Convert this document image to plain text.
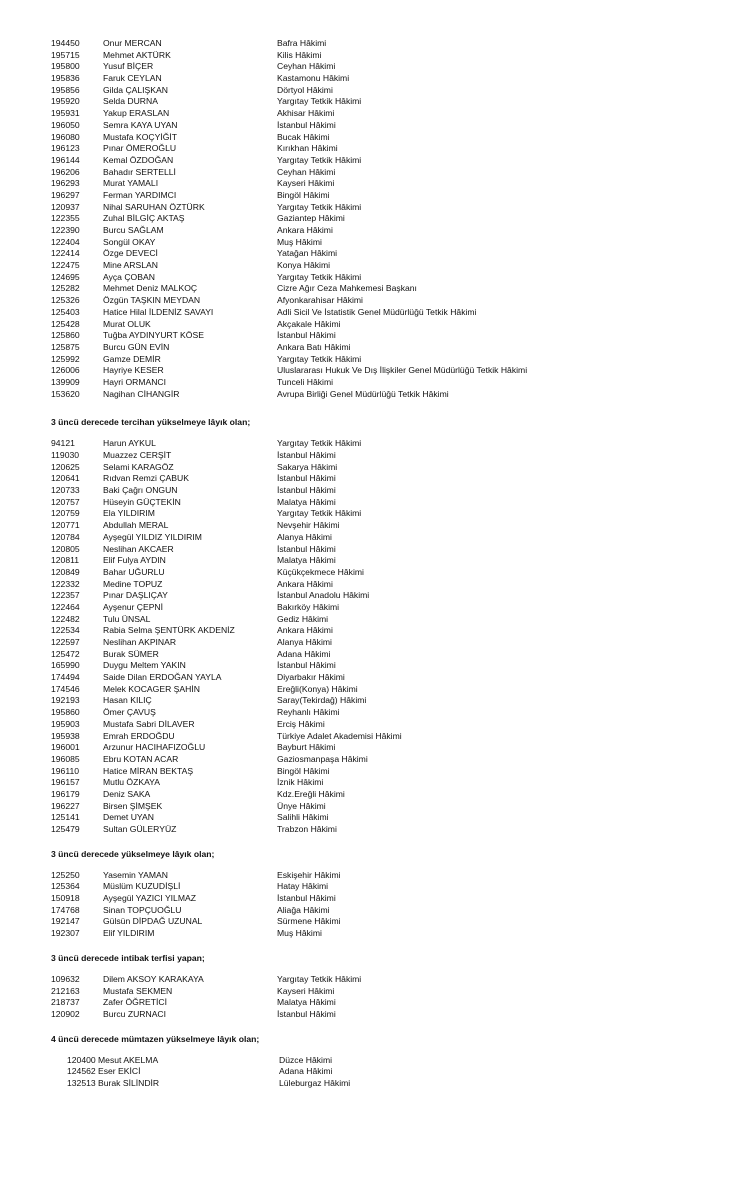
194450	Onur MERCAN	Bafra Hâkimi
195715	Mehmet AKTÜRK	Kilis Hâkimi
195800	Yusuf BİÇER	Ceyhan Hâkimi
195836	Faruk CEYLAN	Kastamonu Hâkimi
195856	Gilda ÇALIŞKAN	Dörtyol Hâkimi
195920	Selda DURNA	Yargıtay Tetkik Hâkimi
195931	Yakup ERASLAN	Akhisar Hâkimi
196050	Semra KAYA UYAN	İstanbul Hâkimi
196080	Mustafa KOÇYİĞİT	Bucak Hâkimi
196123	Pınar ÖMEROĞLU	Kırıkhan Hâkimi
196144	Kemal ÖZDOĞAN	Yargıtay Tetkik Hâkimi
196206	Bahadır SERTELLİ	Ceyhan Hâkimi
196293	Murat YAMALI	Kayseri Hâkimi
196297	Ferman YARDIMCI	Bingöl Hâkimi
120937	Nihal SARUHAN ÖZTÜRK	Yargıtay Tetkik Hâkimi
122355	Zuhal BİLGİÇ AKTAŞ	Gaziantep Hâkimi
122390	Burcu SAĞLAM	Ankara Hâkimi
122404	Songül OKAY	Muş Hâkimi
122414	Özge DEVECİ	Yatağan Hâkimi
122475	Mine ARSLAN	Konya Hâkimi
124695	Ayça ÇOBAN	Yargıtay Tetkik Hâkimi
125282	Mehmet Deniz MALKOÇ	Cizre Ağır Ceza Mahkemesi Başkanı
125326	Özgün TAŞKIN MEYDAN	Afyonkarahisar Hâkimi
125403	Hatice Hilal İLDENİZ SAVAYI	Adli Sicil Ve İstatistik Genel Müdürlüğü Tetkik Hâkimi
125428	Murat OLUK	Akçakale Hâkimi
125860	Tuğba AYDINYURT KÖSE	İstanbul Hâkimi
125875	Burcu GÜN EVİN	Ankara Batı Hâkimi
125992	Gamze DEMİR	Yargıtay Tetkik Hâkimi
126006	Hayriye KESER	Uluslararası Hukuk Ve Dış İlişkiler Genel Müdürlüğü Tetkik Hâkimi
139909	Hayri ORMANCI	Tunceli Hâkimi
153620	Nagihan CİHANGİR	Avrupa Birliği Genel Müdürlüğü Tetkik Hâkimi
3 üncü derecede tercihan yükselmeye lâyık olan;
94121	Harun AYKUL	Yargıtay Tetkik Hâkimi
119030	Muazzez CERŞİT	İstanbul Hâkimi
120625	Selami KARAGÖZ	Sakarya Hâkimi
120641	Rıdvan Remzi ÇABUK	İstanbul Hâkimi
120733	Baki Çağrı ONGUN	İstanbul Hâkimi
120757	Hüseyin GÜÇTEKİN	Malatya Hâkimi
120759	Ela YILDIRIM	Yargıtay Tetkik Hâkimi
120771	Abdullah MERAL	Nevşehir Hâkimi
120784	Ayşegül YILDIZ YILDIRIM	Alanya Hâkimi
120805	Neslihan AKCAER	İstanbul Hâkimi
120811	Elif Fulya AYDIN	Malatya Hâkimi
120849	Bahar UĞURLU	Küçükçekmece Hâkimi
122332	Medine TOPUZ	Ankara Hâkimi
122357	Pınar DAŞLIÇAY	İstanbul Anadolu Hâkimi
122464	Ayşenur ÇEPNİ	Bakırköy Hâkimi
122482	Tulu ÜNSAL	Gediz Hâkimi
122534	Rabia Selma ŞENTÜRK AKDENİZ	Ankara Hâkimi
122597	Neslihan AKPINAR	Alanya Hâkimi
125472	Burak SÜMER	Adana Hâkimi
165990	Duygu Meltem YAKIN	İstanbul Hâkimi
174494	Saide Dilan ERDOĞAN YAYLA	Diyarbakır Hâkimi
174546	Melek KOCAGER ŞAHİN	Ereğli(Konya) Hâkimi
192193	Hasan KILIÇ	Saray(Tekirdağ) Hâkimi
195860	Ömer ÇAVUŞ	Reyhanlı Hâkimi
195903	Mustafa Sabri DİLAVER	Erciş Hâkimi
195938	Emrah ERDOĞDU	Türkiye Adalet Akademisi Hâkimi
196001	Arzunur HACIHAFIZOĞLU	Bayburt Hâkimi
196085	Ebru KOTAN ACAR	Gaziosmanpaşa Hâkimi
196110	Hatice MİRAN BEKTAŞ	Bingöl Hâkimi
196157	Mutlu ÖZKAYA	İznik Hâkimi
196179	Deniz SAKA	Kdz.Ereğli Hâkimi
196227	Birsen ŞİMŞEK	Ünye Hâkimi
125141	Demet UYAN	Salihli Hâkimi
125479	Sultan GÜLERYÜZ	Trabzon Hâkimi
3 üncü derecede yükselmeye lâyık olan;
125250	Yasemin YAMAN	Eskişehir Hâkimi
125364	Müslüm KUZUDİŞLİ	Hatay Hâkimi
150918	Ayşegül YAZICI YILMAZ	İstanbul Hâkimi
174768	Sinan TOPÇUOĞLU	Aliağa Hâkimi
192147	Gülsün DİPDAĞ UZUNAL	Sürmene Hâkimi
192307	Elif YILDIRIM	Muş Hâkimi
3 üncü derecede intibak terfisi yapan;
109632	Dilem AKSOY KARAKAYA	Yargıtay Tetkik Hâkimi
212163	Mustafa SEKMEN	Kayseri Hâkimi
218737	Zafer ÖĞRETİCİ	Malatya Hâkimi
120902	Burcu ZURNACI	İstanbul Hâkimi
4 üncü derecede mümtazen yükselmeye lâyık olan;
120400 Mesut AKELMA	Düzce Hâkimi
124562 Eser EKİCİ	Adana Hâkimi
132513 Burak SİLİNDİR	Lüleburgaz Hâkimi
